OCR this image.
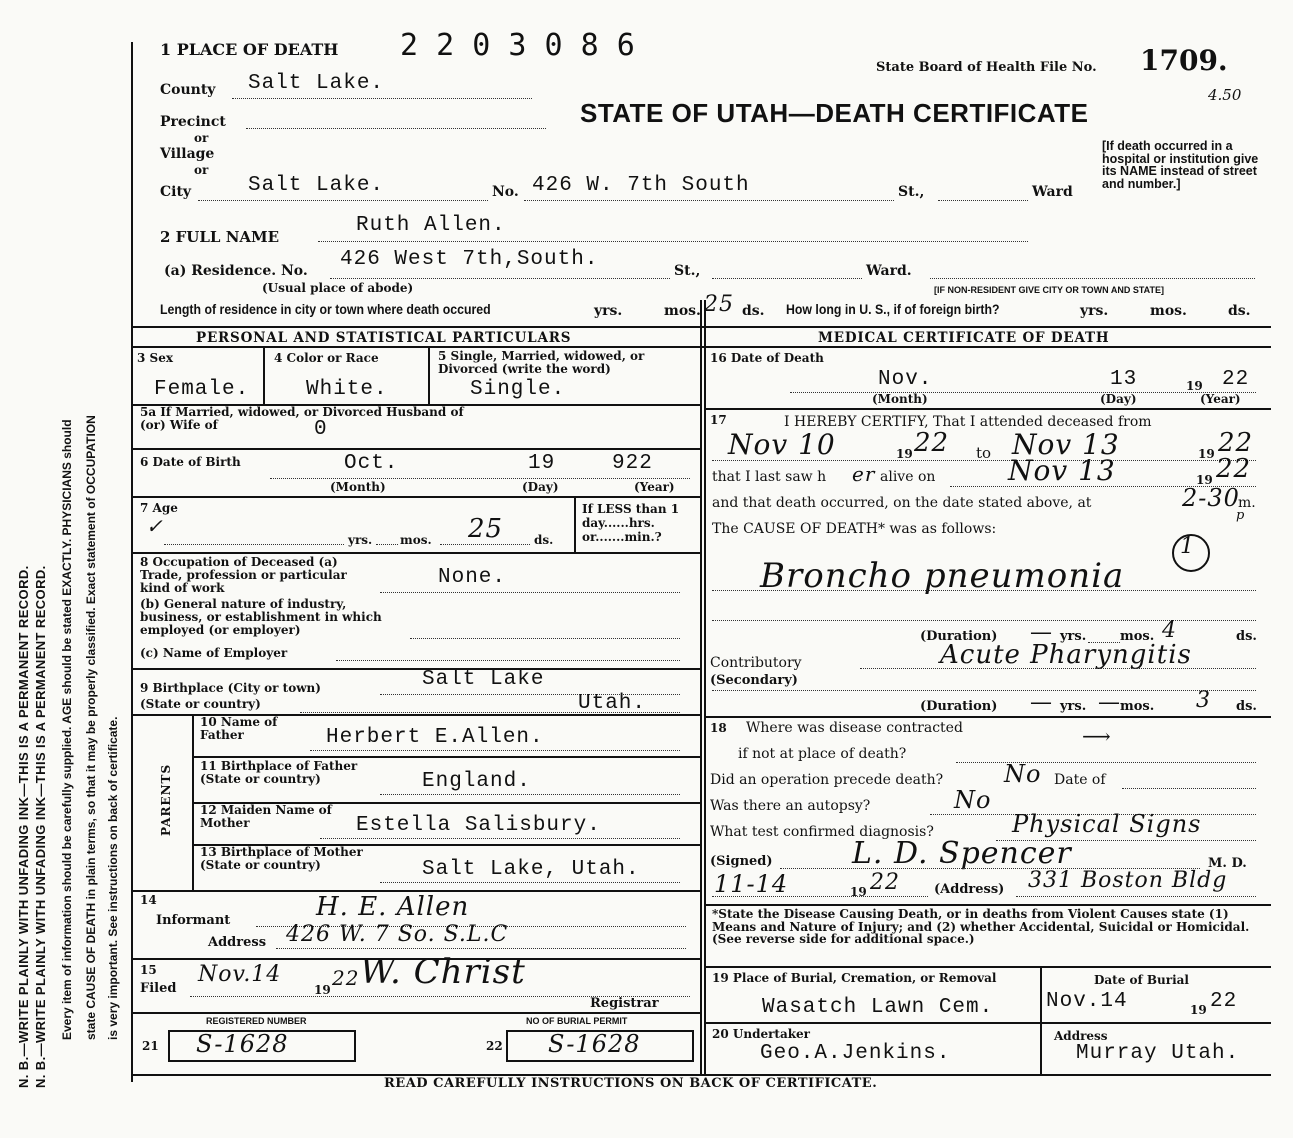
N. B.—WRITE PLAINLY WITH UNFADING INK—THIS IS A PERMANENT RECORD. N. B.—WRITE PLAINLY WITH UNFADING INK—THIS IS A PERMANENT RECORD. Every item of information should be carefully supplied. AGE should be stated EXACTLY. PHYSICIANS should state CAUSE OF DEATH in plain terms, so that it may be properly classified. Exact statement of OCCUPATION is very important. See instructions on back of certificate.
1 PLACE OF DEATH 2 2 0 3 0 8 6
State Board of Health File No. 1709.
4.50
STATE OF UTAH—DEATH CERTIFICATE
[If death occurred in a hospital or institution give its NAME instead of street and number.]
County Salt Lake.
Precinct
or
Village
or
City	Salt Lake.	No. 426 W. 7th South	St.,	Ward
2 FULL NAME	Ruth Allen.
(a) Residence. No. 426 West 7th,South.	St.,	Ward.
(Usual place of abode)	[IF NON-RESIDENT GIVE CITY OR TOWN AND STATE]
Length of residence in city or town where death occured	yrs.	mos. 25 ds. How long in U. S., if of foreign birth?	yrs.	mos.	ds.
PERSONAL AND STATISTICAL PARTICULARS	MEDICAL CERTIFICATE OF DEATH
3 Sex
Female.
4 Color or Race
White.
5 Single, Married, widowed, or Divorced (write the word)
Single.
5a If Married, widowed, or Divorced Husband of (or) Wife of	0
6 Date of Birth	Oct.	19	922
(Month)	(Day)	(Year)
7 Age
✓
yrs. mos. 25	ds.
If LESS than 1 day......hrs. or.......min.?
8 Occupation of Deceased (a) Trade, profession or particular kind of work	None.
(b) General nature of industry, business, or establishment in which employed (or employer)
(c) Name of Employer
9 Birthplace (City or town)	Salt Lake
(State or country)	Utah.
PARENTS
10 Name of Father	Herbert E.Allen.
11 Birthplace of Father (State or country)	England.
12 Maiden Name of Mother	Estella Salisbury.
13 Birthplace of Mother (State or country)	Salt Lake, Utah.
14
Informant	H. E. Allen
Address 426 W. 7 So. S.L.C
15
Filed
Nov.14
19 22 W. Christ
Registrar
REGISTERED NUMBER
21 S-1628
NO OF BURIAL PERMIT
22 S-1628
16 Date of Death
Nov.	13	19 22
(Month)	(Day)	(Year)
17	I HEREBY CERTIFY, That I attended deceased from
Nov 10	19 22 to Nov 13	19 22
that I last saw h er alive on	Nov 13	19 22
and that death occurred, on the date stated above, at	2-30
m.
p
The CAUSE OF DEATH* was as follows:
Broncho pneumonia
1
(Duration) — yrs.	mos. 4	ds.
Contributory
(Secondary)
Acute Pharyngitis
(Duration) — yrs. — mos. 3 ds.
18 Where was disease contracted
if not at place of death?
⟶
Did an operation precede death?	No Date of
Was there an autopsy?	No
What test confirmed diagnosis?	Physical Signs
(Signed)	L. D. Spencer	M. D.
11-14	19 22	(Address) 331 Boston Bldg
*State the Disease Causing Death, or in deaths from Violent Causes state (1) Means and Nature of Injury; and (2) whether Accidental, Suicidal or Homicidal. (See reverse side for additional space.)
19 Place of Burial, Cremation, or Removal
Wasatch Lawn Cem.
Date of Burial
Nov.14	19 22
20 Undertaker
Geo.A.Jenkins.
Address
Murray Utah.
READ CAREFULLY INSTRUCTIONS ON BACK OF CERTIFICATE.
